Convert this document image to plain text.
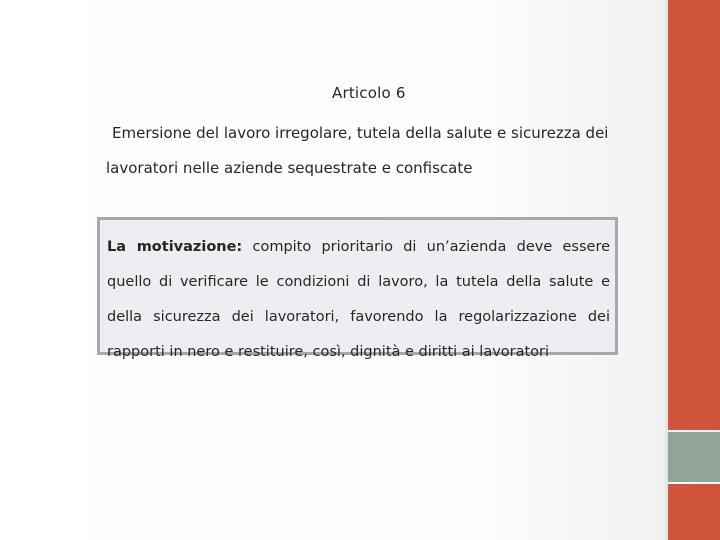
Articolo 6
Emersione del lavoro irregolare, tutela della salute e sicurezza dei
lavoratori nelle aziende sequestrate e confiscate
La motivazione: compito prioritario di un’azienda deve essere
quello di verificare le condizioni di lavoro, la tutela della salute e
della sicurezza dei lavoratori, favorendo la regolarizzazione dei
rapporti in nero e restituire, così, dignità e diritti ai lavoratori
